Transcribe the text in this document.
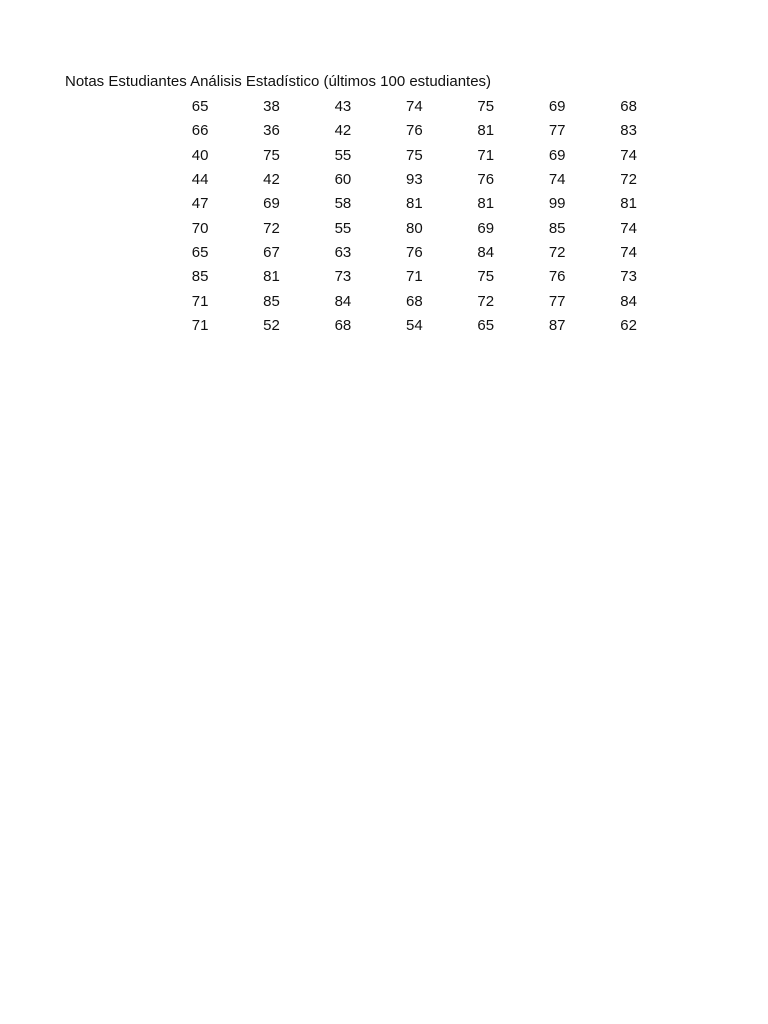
Notas Estudiantes Análisis Estadístico (últimos 100 estudiantes)
65	38	43	74	75	69	68
66	36	42	76	81	77	83
40	75	55	75	71	69	74
44	42	60	93	76	74	72
47	69	58	81	81	99	81
70	72	55	80	69	85	74
65	67	63	76	84	72	74
85	81	73	71	75	76	73
71	85	84	68	72	77	84
71	52	68	54	65	87	62
